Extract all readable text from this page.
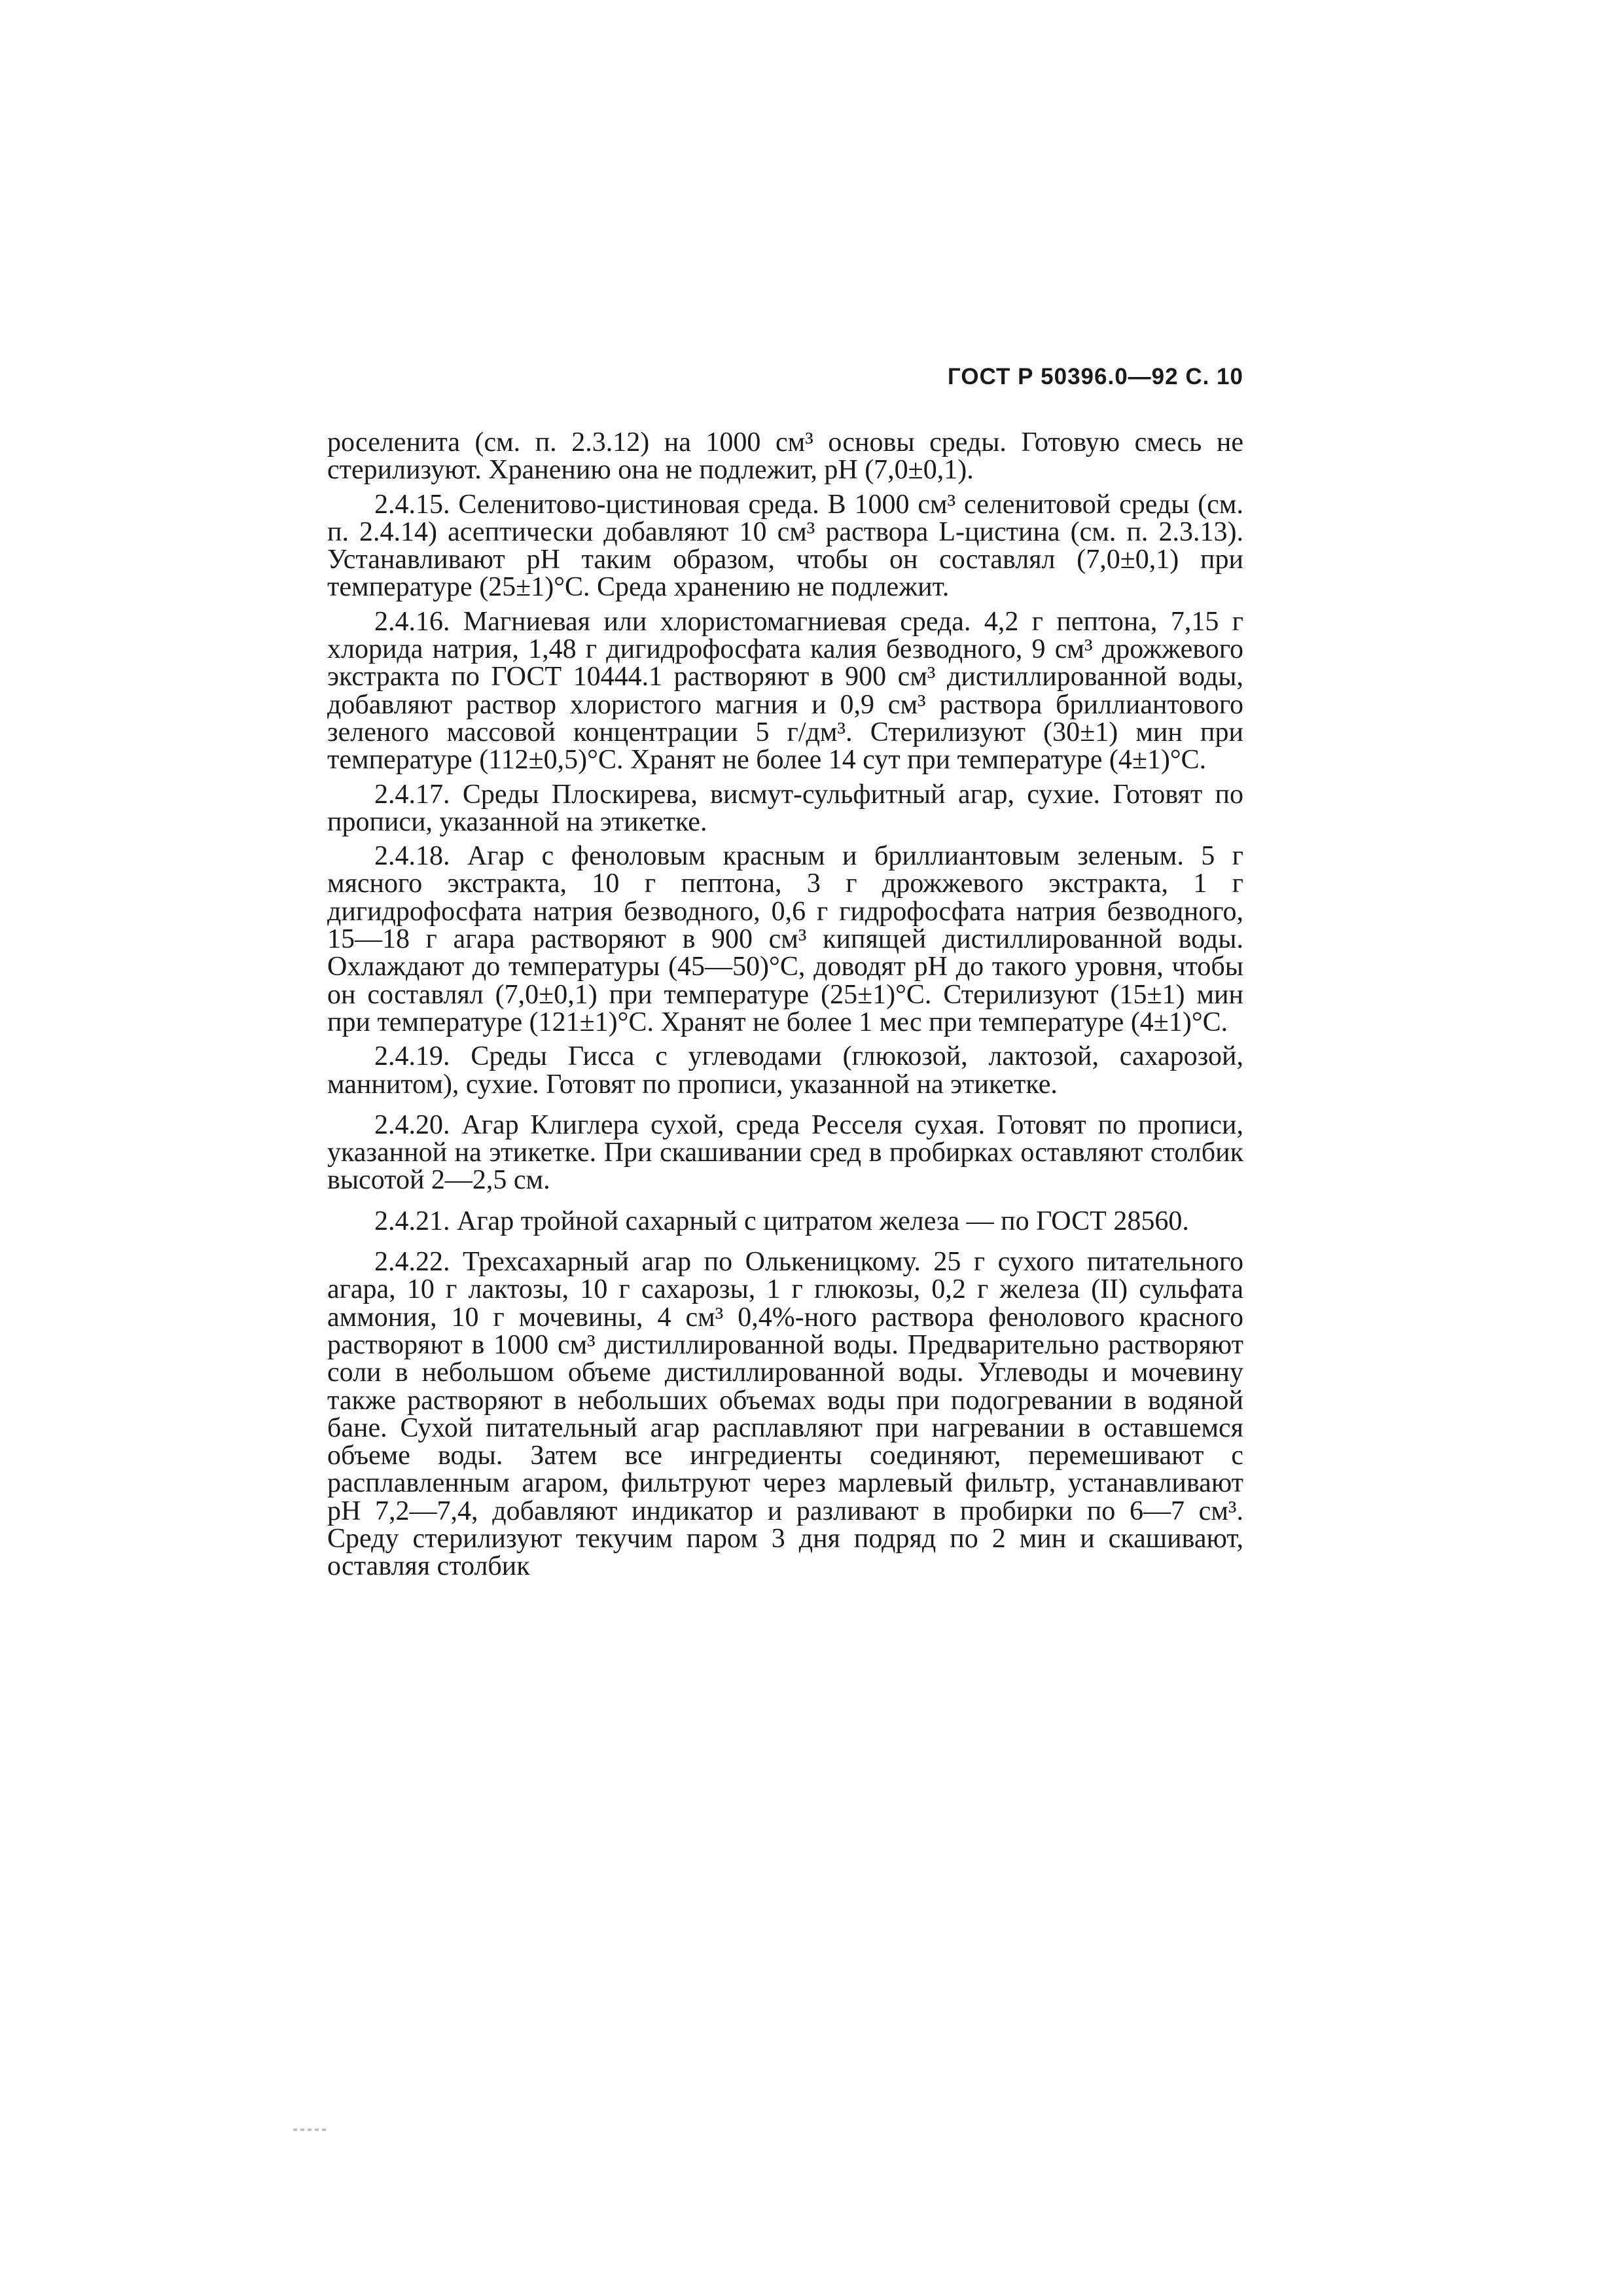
ГОСТ Р 50396.0—92 С. 10

роселенита (см. п. 2.3.12) на 1000 см³ основы среды. Готовую смесь не стерилизуют. Хранению она не подлежит, pH (7,0±0,1).

2.4.15. Селенитово-цистиновая среда. В 1000 см³ селенитовой среды (см. п. 2.4.14) асептически добавляют 10 см³ раствора L-цистина (см. п. 2.3.13). Устанавливают pH таким образом, чтобы он составлял (7,0±0,1) при температуре (25±1)°С. Среда хранению не подлежит.

2.4.16. Магниевая или хлористомагниевая среда. 4,2 г пептона, 7,15 г хлорида натрия, 1,48 г дигидрофосфата калия безводного, 9 см³ дрожжевого экстракта по ГОСТ 10444.1 растворяют в 900 см³ дистиллированной воды, добавляют раствор хлористого магния и 0,9 см³ раствора бриллиантового зеленого массовой концентрации 5 г/дм³. Стерилизуют (30±1) мин при температуре (112±0,5)°С. Хранят не более 14 сут при температуре (4±1)°С.

2.4.17. Среды Плоскирева, висмут-сульфитный агар, сухие. Готовят по прописи, указанной на этикетке.

2.4.18. Агар с феноловым красным и бриллиантовым зеленым. 5 г мясного экстракта, 10 г пептона, 3 г дрожжевого экстракта, 1 г дигидрофосфата натрия безводного, 0,6 г гидрофосфата натрия безводного, 15—18 г агара растворяют в 900 см³ кипящей дистиллированной воды. Охлаждают до температуры (45—50)°С, доводят pH до такого уровня, чтобы он составлял (7,0±0,1) при температуре (25±1)°С. Стерилизуют (15±1) мин при температуре (121±1)°С. Хранят не более 1 мес при температуре (4±1)°С.

2.4.19. Среды Гисса с углеводами (глюкозой, лактозой, сахарозой, маннитом), сухие. Готовят по прописи, указанной на этикетке.

2.4.20. Агар Клиглера сухой, среда Ресселя сухая. Готовят по прописи, указанной на этикетке. При скашивании сред в пробирках оставляют столбик высотой 2—2,5 см.

2.4.21. Агар тройной сахарный с цитратом железа — по ГОСТ 28560.

2.4.22. Трехсахарный агар по Олькеницкому. 25 г сухого питательного агара, 10 г лактозы, 10 г сахарозы, 1 г глюкозы, 0,2 г железа (II) сульфата аммония, 10 г мочевины, 4 см³ 0,4%-ного раствора фенолового красного растворяют в 1000 см³ дистиллированной воды. Предварительно растворяют соли в небольшом объеме дистиллированной воды. Углеводы и мочевину также растворяют в небольших объемах воды при подогревании в водяной бане. Сухой питательный агар расплавляют при нагревании в оставшемся объеме воды. Затем все ингредиенты соединяют, перемешивают с расплавленным агаром, фильтруют через марлевый фильтр, устанавливают pH 7,2—7,4, добавляют индикатор и разливают в пробирки по 6—7 см³. Среду стерилизуют текучим паром 3 дня подряд по 2 мин и скашивают, оставляя столбик
